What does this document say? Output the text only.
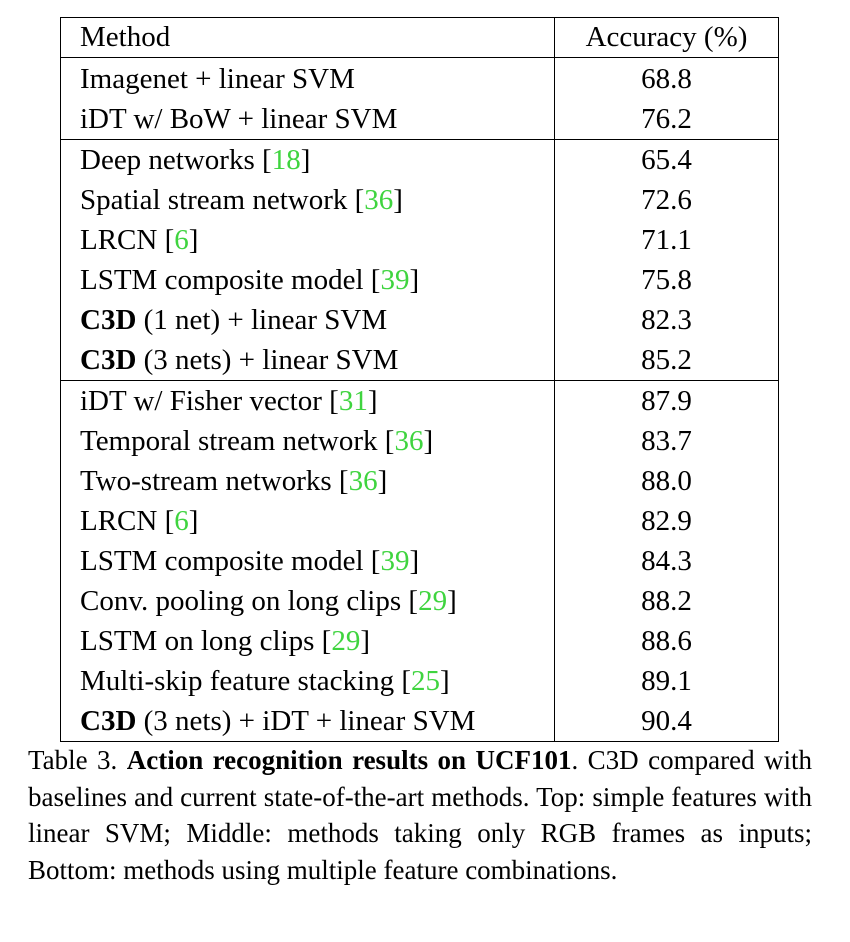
Method	Accuracy (%)
Imagenet + linear SVM	68.8
iDT w/ BoW + linear SVM	76.2
Deep networks [18]	65.4
Spatial stream network [36]	72.6
LRCN [6]	71.1
LSTM composite model [39]	75.8
C3D (1 net) + linear SVM	82.3
C3D (3 nets) + linear SVM	85.2
iDT w/ Fisher vector [31]	87.9
Temporal stream network [36]	83.7
Two-stream networks [36]	88.0
LRCN [6]	82.9
LSTM composite model [39]	84.3
Conv. pooling on long clips [29]	88.2
LSTM on long clips [29]	88.6
Multi-skip feature stacking [25]	89.1
C3D (3 nets) + iDT + linear SVM	90.4
Table 3. Action recognition results on UCF101. C3D compared with baselines and current state-of-the-art methods. Top: simple features with linear SVM; Middle: methods taking only RGB frames as inputs; Bottom: methods using multiple feature combinations.
